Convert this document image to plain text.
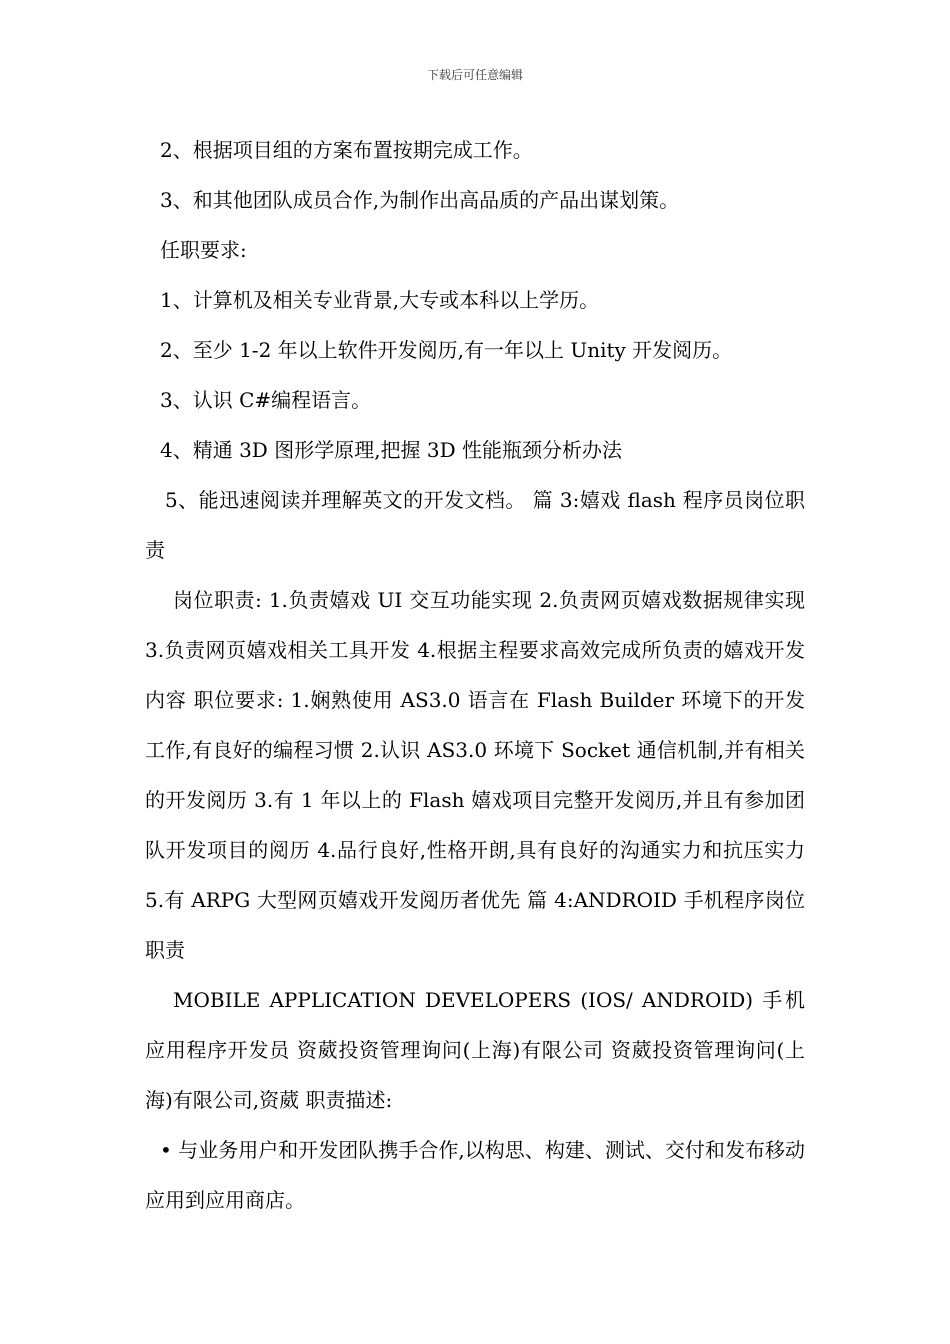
下载后可任意编辑

2、根据项目组的方案布置按期完成工作。

3、和其他团队成员合作,为制作出高品质的产品出谋划策。

任职要求:

1、计算机及相关专业背景,大专或本科以上学历。

2、至少 1-2 年以上软件开发阅历,有一年以上 Unity 开发阅历。

3、认识 C#编程语言。

4、精通 3D 图形学原理,把握 3D 性能瓶颈分析办法

5、能迅速阅读并理解英文的开发文档。 篇 3:嬉戏 flash 程序员岗位职责

岗位职责: 1.负责嬉戏 UI 交互功能实现 2.负责网页嬉戏数据规律实现 3.负责网页嬉戏相关工具开发 4.根据主程要求高效完成所负责的嬉戏开发内容 职位要求: 1.娴熟使用 AS3.0 语言在 Flash Builder 环境下的开发工作,有良好的编程习惯 2.认识 AS3.0 环境下 Socket 通信机制,并有相关的开发阅历 3.有 1 年以上的 Flash 嬉戏项目完整开发阅历,并且有参加团队开发项目的阅历 4.品行良好,性格开朗,具有良好的沟通实力和抗压实力 5.有 ARPG 大型网页嬉戏开发阅历者优先 篇 4:ANDROID 手机程序岗位职责

MOBILE APPLICATION DEVELOPERS (IOS/ ANDROID) 手机应用程序开发员 资葳投资管理询问(上海)有限公司 资葳投资管理询问(上海)有限公司,资葳 职责描述:

• 与业务用户和开发团队携手合作,以构思、构建、测试、交付和发布移动应用到应用商店。
